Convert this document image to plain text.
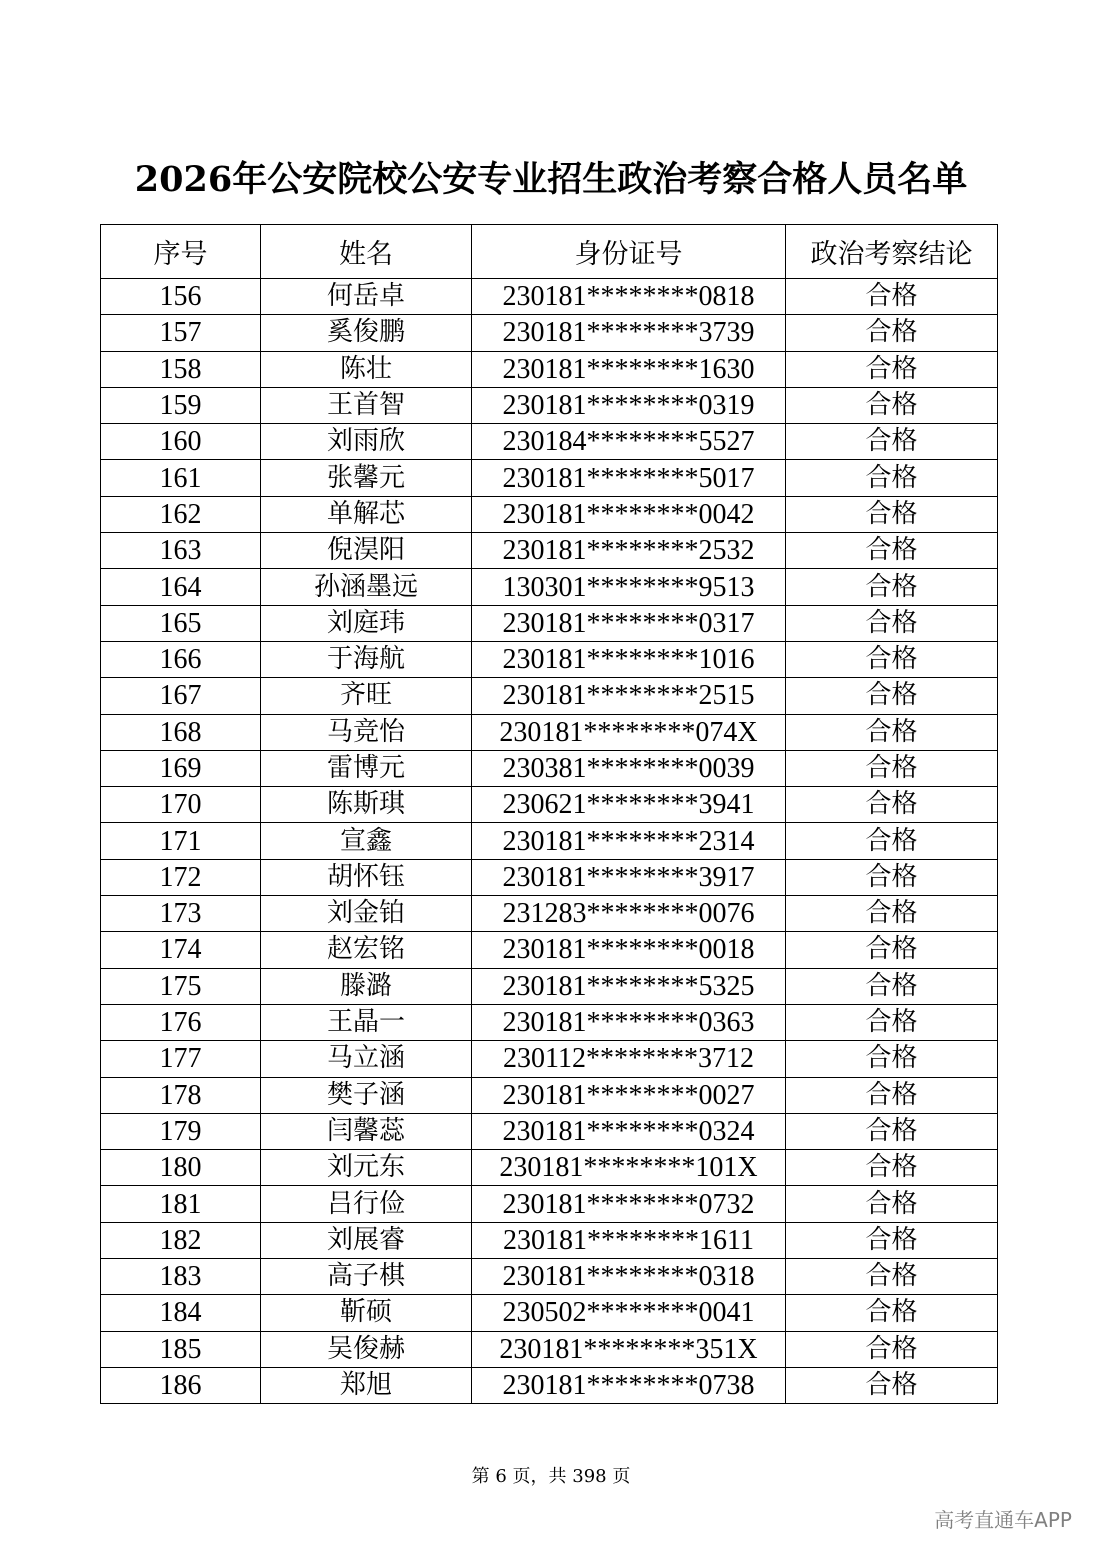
2026年公安院校公安专业招生政治考察合格人员名单
序号	姓名	身份证号	政治考察结论
156	何岳卓	230181********0818	合格
157	奚俊鹏	230181********3739	合格
158	陈壮	230181********1630	合格
159	王首智	230181********0319	合格
160	刘雨欣	230184********5527	合格
161	张馨元	230181********5017	合格
162	单解芯	230181********0042	合格
163	倪淏阳	230181********2532	合格
164	孙涵墨远	130301********9513	合格
165	刘庭玮	230181********0317	合格
166	于海航	230181********1016	合格
167	齐旺	230181********2515	合格
168	马竞怡	230181********074X	合格
169	雷博元	230381********0039	合格
170	陈斯琪	230621********3941	合格
171	宣鑫	230181********2314	合格
172	胡怀钰	230181********3917	合格
173	刘金铂	231283********0076	合格
174	赵宏铭	230181********0018	合格
175	滕潞	230181********5325	合格
176	王晶一	230181********0363	合格
177	马立涵	230112********3712	合格
178	樊子涵	230181********0027	合格
179	闫馨蕊	230181********0324	合格
180	刘元东	230181********101X	合格
181	吕行俭	230181********0732	合格
182	刘展睿	230181********1611	合格
183	高子棋	230181********0318	合格
184	靳硕	230502********0041	合格
185	吴俊赫	230181********351X	合格
186	郑旭	230181********0738	合格
第 6 页，共 398 页
高考直通车APP
